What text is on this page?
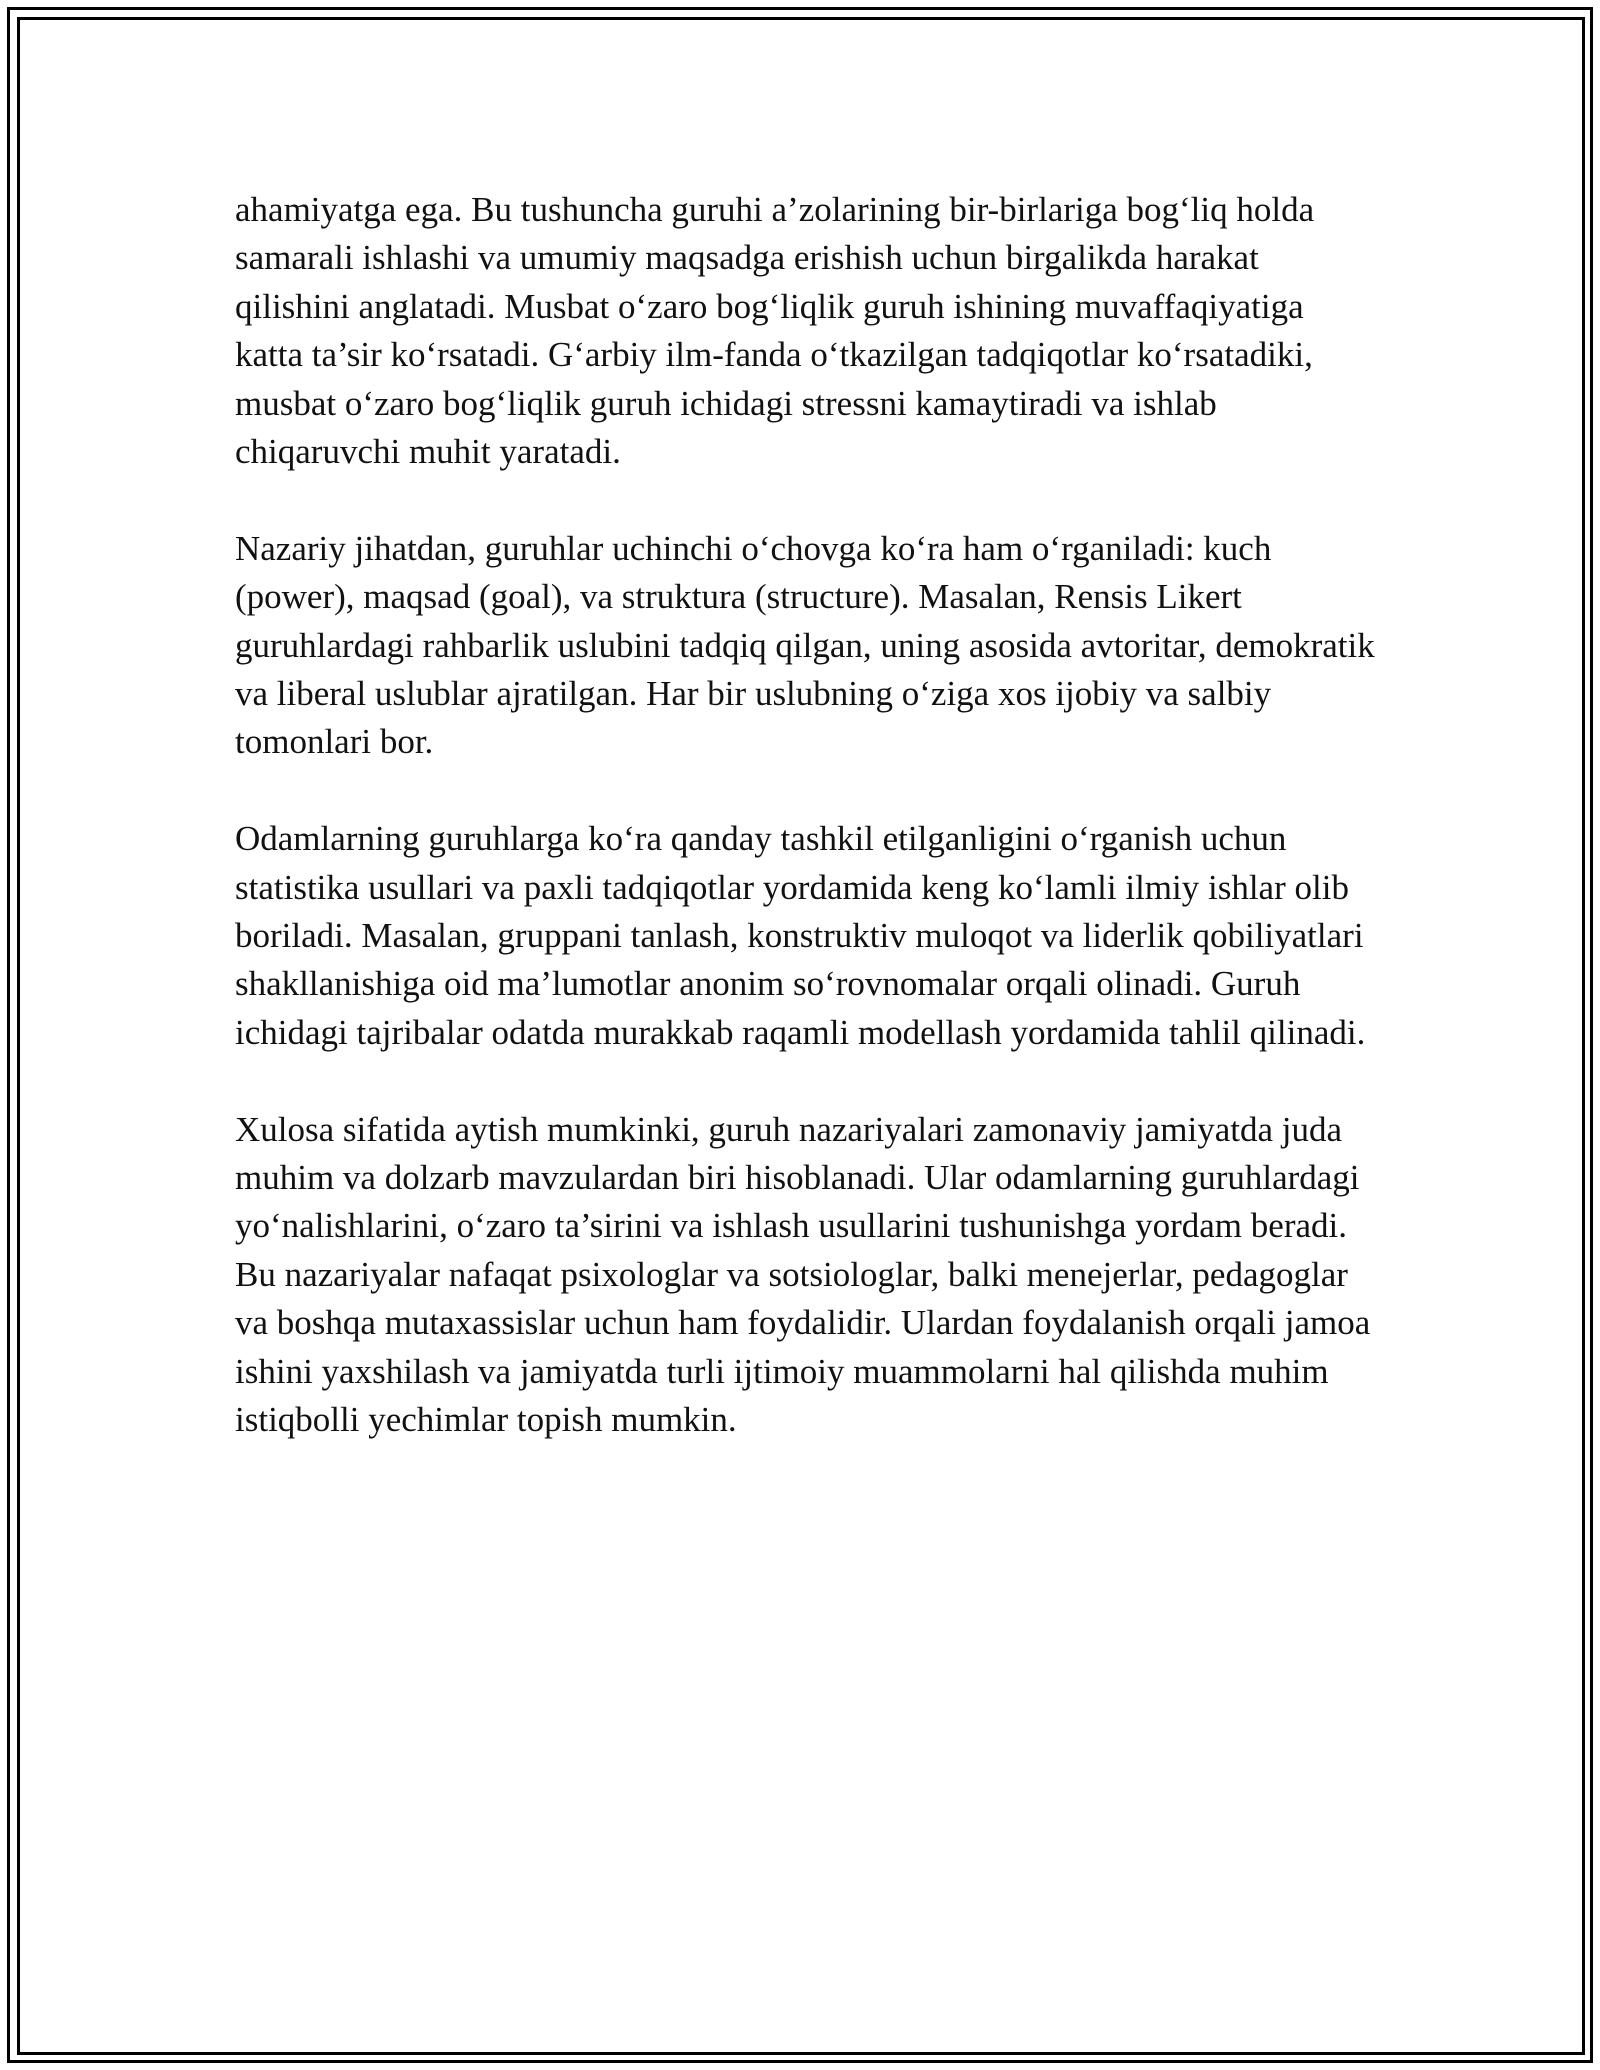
ahamiyatga ega. Bu tushuncha guruhi a’zolarining bir-birlariga bog‘liq holda samarali ishlashi va umumiy maqsadga erishish uchun birgalikda harakat qilishini anglatadi. Musbat o‘zaro bog‘liqlik guruh ishining muvaffaqiyatiga katta ta’sir ko‘rsatadi. G‘arbiy ilm-fanda o‘tkazilgan tadqiqotlar ko‘rsatadiki, musbat o‘zaro bog‘liqlik guruh ichidagi stressni kamaytiradi va ishlab chiqaruvchi muhit yaratadi.

Nazariy jihatdan, guruhlar uchinchi o‘chovga ko‘ra ham o‘rganiladi: kuch (power), maqsad (goal), va struktura (structure). Masalan, Rensis Likert guruhlardagi rahbarlik uslubini tadqiq qilgan, uning asosida avtoritar, demokratik va liberal uslublar ajratilgan. Har bir uslubning o‘ziga xos ijobiy va salbiy tomonlari bor.

Odamlarning guruhlarga ko‘ra qanday tashkil etilganligini o‘rganish uchun statistika usullari va paxli tadqiqotlar yordamida keng ko‘lamli ilmiy ishlar olib boriladi. Masalan, gruppani tanlash, konstruktiv muloqot va liderlik qobiliyatlari shakllanishiga oid ma’lumotlar anonim so‘rovnomalar orqali olinadi. Guruh ichidagi tajribalar odatda murakkab raqamli modellash yordamida tahlil qilinadi.

Xulosa sifatida aytish mumkinki, guruh nazariyalari zamonaviy jamiyatda juda muhim va dolzarb mavzulardan biri hisoblanadi. Ular odamlarning guruhlardagi yo‘nalishlarini, o‘zaro ta’sirini va ishlash usullarini tushunishga yordam beradi. Bu nazariyalar nafaqat psixologlar va sotsiologlar, balki menejerlar, pedagoglar va boshqa mutaxassislar uchun ham foydalidir. Ulardan foydalanish orqali jamoa ishini yaxshilash va jamiyatda turli ijtimoiy muammolarni hal qilishda muhim istiqbolli yechimlar topish mumkin.
